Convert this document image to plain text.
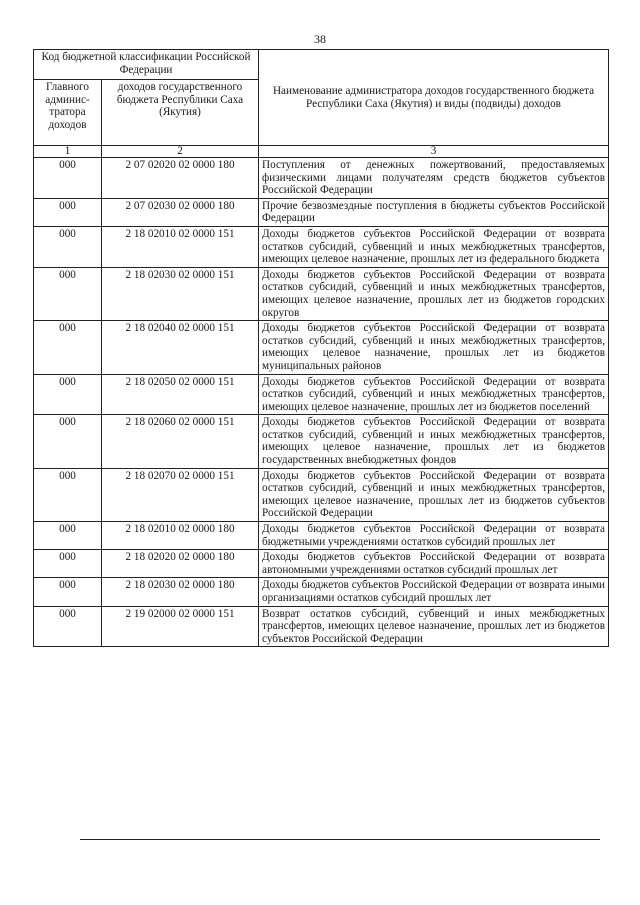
38
Код бюджетной классификации Российской Федерации		Наименование администратора доходов государственного бюджета Республики Саха (Якутия) и виды (подвиды) доходов
Главного админис-тратора доходов	доходов государственного бюджета Республики Саха (Якутия)	
1	2	3
000	2 07 02020 02 0000 180	Поступления от денежных пожертвований, предоставляемых физическими лицами получателям средств бюджетов субъектов Российской Федерации
000	2 07 02030 02 0000 180	Прочие безвозмездные поступления в бюджеты субъектов Российской Федерации
000	2 18 02010 02 0000 151	Доходы бюджетов субъектов Российской Федерации от возврата остатков субсидий, субвенций и иных межбюджетных трансфертов, имеющих целевое назначение, прошлых лет из федерального бюджета
000	2 18 02030 02 0000 151	Доходы бюджетов субъектов Российской Федерации от возврата остатков субсидий, субвенций и иных межбюджетных трансфертов, имеющих целевое назначение, прошлых лет из бюджетов городских округов
000	2 18 02040 02 0000 151	Доходы бюджетов субъектов Российской Федерации от возврата остатков субсидий, субвенций и иных межбюджетных трансфертов, имеющих целевое назначение, прошлых лет из бюджетов муниципальных районов
000	2 18 02050 02 0000 151	Доходы бюджетов субъектов Российской Федерации от возврата остатков субсидий, субвенций и иных межбюджетных трансфертов, имеющих целевое назначение, прошлых лет из бюджетов поселений
000	2 18 02060 02 0000 151	Доходы бюджетов субъектов Российской Федерации от возврата остатков субсидий, субвенций и иных межбюджетных трансфертов, имеющих целевое назначение, прошлых лет из бюджетов государственных внебюджетных фондов
000	2 18 02070 02 0000 151	Доходы бюджетов субъектов Российской Федерации от возврата остатков субсидий, субвенций и иных межбюджетных трансфертов, имеющих целевое назначение, прошлых лет из бюджетов субъектов Российской Федерации
000	2 18 02010 02 0000 180	Доходы бюджетов субъектов Российской Федерации от возврата бюджетными учреждениями остатков субсидий прошлых лет
000	2 18 02020 02 0000 180	Доходы бюджетов субъектов Российской Федерации от возврата автономными учреждениями остатков субсидий прошлых лет
000	2 18 02030 02 0000 180	Доходы бюджетов субъектов Российской Федерации от возврата иными организациями остатков субсидий прошлых лет
000	2 19 02000 02 0000 151	Возврат остатков субсидий, субвенций и иных межбюджетных трансфертов, имеющих целевое назначение, прошлых лет из бюджетов субъектов Российской Федерации
